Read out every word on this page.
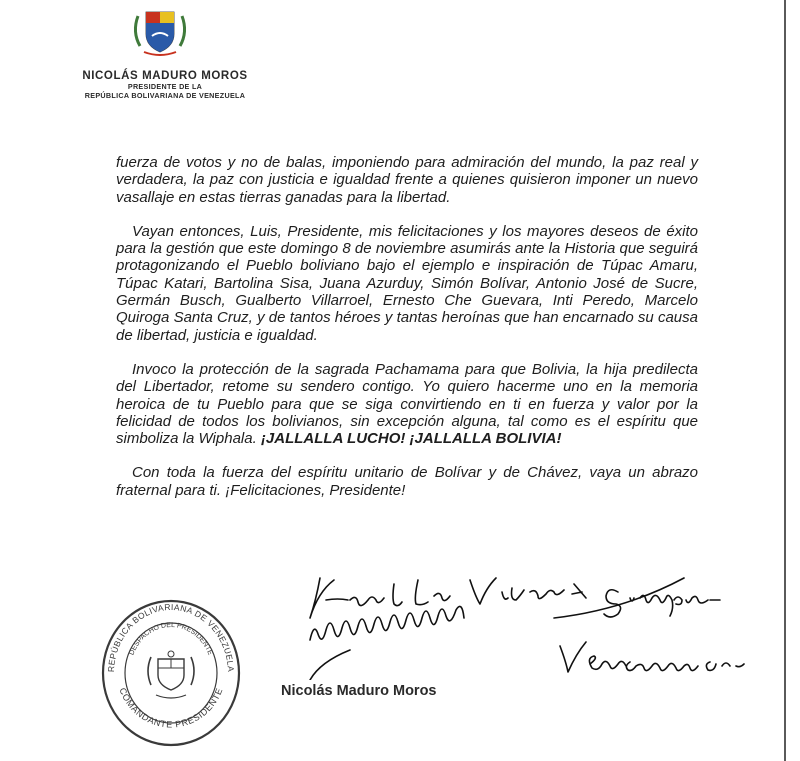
NICOLÁS MADURO MOROS
PRESIDENTE DE LA
REPÚBLICA BOLIVARIANA DE VENEZUELA

fuerza de votos y no de balas, imponiendo para admiración del mundo, la paz real y verdadera, la paz con justicia e igualdad frente a quienes quisieron imponer un nuevo vasallaje en estas tierras ganadas para la libertad.

Vayan entonces, Luis, Presidente, mis felicitaciones y los mayores deseos de éxito para la gestión que este domingo 8 de noviembre asumirás ante la Historia que seguirá protagonizando el Pueblo boliviano bajo el ejemplo e inspiración de Túpac Amaru, Túpac Katari, Bartolina Sisa, Juana Azurduy, Simón Bolívar, Antonio José de Sucre, Germán Busch, Gualberto Villarroel, Ernesto Che Guevara, Inti Peredo, Marcelo Quiroga Santa Cruz, y de tantos héroes y tantas heroínas que han encarnado su causa de libertad, justicia e igualdad.

Invoco la protección de la sagrada Pachamama para que Bolivia, la hija predilecta del Libertador, retome su sendero contigo. Yo quiero hacerme uno en la memoria heroica de tu Pueblo para que se siga convirtiendo en ti en fuerza y valor por la felicidad de todos los bolivianos, sin excepción alguna, tal como es el espíritu que simboliza la Wiphala. ¡JALLALLA LUCHO! ¡JALLALLA BOLIVIA!

Con toda la fuerza del espíritu unitario de Bolívar y de Chávez, vaya un abrazo fraternal para ti. ¡Felicitaciones, Presidente!

REPÚBLICA BOLIVARIANA DE VENEZUELA
DESPACHO DEL PRESIDENTE
COMANDANTE PRESIDENTE	Nicolás Maduro Moros
